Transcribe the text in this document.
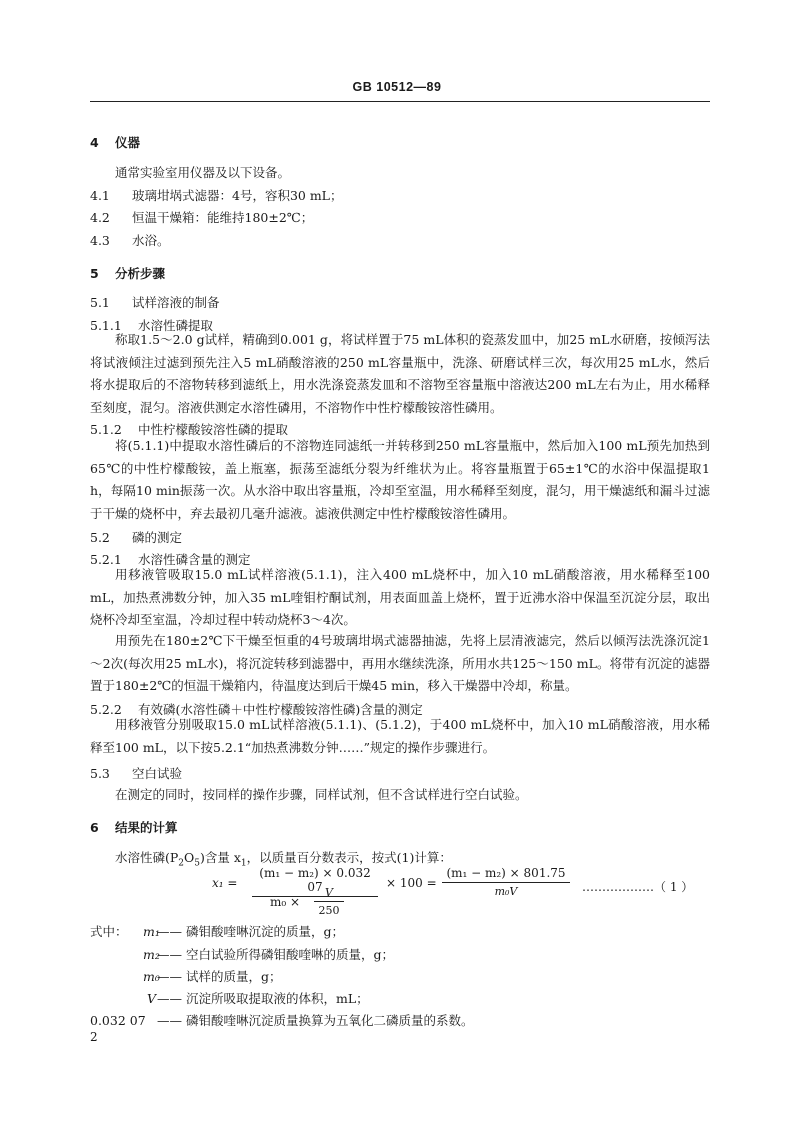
GB 10512—89
4 仪器
通常实验室用仪器及以下设备。
4.1 玻璃坩埚式滤器：4号，容积30 mL；
4.2 恒温干燥箱：能维持180±2℃；
4.3 水浴。
5 分析步骤
5.1 试样溶液的制备
5.1.1 水溶性磷提取
称取1.5～2.0 g试样，精确到0.001 g，将试样置于75 mL体积的瓷蒸发皿中，加25 mL水研磨，按倾泻法将试液倾注过滤到预先注入5 mL硝酸溶液的250 mL容量瓶中，洗涤、研磨试样三次，每次用25 mL水，然后将水提取后的不溶物转移到滤纸上，用水洗涤瓷蒸发皿和不溶物至容量瓶中溶液达200 mL左右为止，用水稀释至刻度，混匀。溶液供测定水溶性磷用，不溶物作中性柠檬酸铵溶性磷用。
5.1.2 中性柠檬酸铵溶性磷的提取
将(5.1.1)中提取水溶性磷后的不溶物连同滤纸一并转移到250 mL容量瓶中，然后加入100 mL预先加热到65℃的中性柠檬酸铵，盖上瓶塞，振荡至滤纸分裂为纤维状为止。将容量瓶置于65±1℃的水浴中保温提取1 h，每隔10 min振荡一次。从水浴中取出容量瓶，冷却至室温，用水稀释至刻度，混匀，用干燥滤纸和漏斗过滤于干燥的烧杯中，弃去最初几毫升滤液。滤液供测定中性柠檬酸铵溶性磷用。
5.2 磷的测定
5.2.1 水溶性磷含量的测定
用移液管吸取15.0 mL试样溶液(5.1.1)，注入400 mL烧杯中，加入10 mL硝酸溶液，用水稀释至100 mL，加热煮沸数分钟，加入35 mL喹钼柠酮试剂，用表面皿盖上烧杯，置于近沸水浴中保温至沉淀分层，取出烧杯冷却至室温，冷却过程中转动烧杯3～4次。
用预先在180±2℃下干燥至恒重的4号玻璃坩埚式滤器抽滤，先将上层清液滤完，然后以倾泻法洗涤沉淀1～2次(每次用25 mL水)，将沉淀转移到滤器中，再用水继续洗涤，所用水共125～150 mL。将带有沉淀的滤器置于180±2℃的恒温干燥箱内，待温度达到后干燥45 min，移入干燥器中冷却，称量。
5.2.2 有效磷(水溶性磷＋中性柠檬酸铵溶性磷)含量的测定
用移液管分别吸取15.0 mL试样溶液(5.1.1)、(5.1.2)，于400 mL烧杯中，加入10 mL硝酸溶液，用水稀释至100 mL，以下按5.2.1“加热煮沸数分钟……”规定的操作步骤进行。
5.3 空白试验
在测定的同时，按同样的操作步骤，同样试剂，但不含试样进行空白试验。
6 结果的计算
水溶性磷$(P_2O_5)$含量 $x_1$，以质量百分数表示，按式(1)计算：
x₁ =
(m₁ − m₂) × 0.032 07
$m_0 \times \frac{V}{250}$
× $100 = \frac{\text{(m₁ − m₂) × 801.75}}{\text{m₀V}}$ ………………（ 1 ）
式中： m₁—— 磷钼酸喹啉沉淀的质量，g；
m₂—— 空白试验所得磷钼酸喹啉的质量，g；
m₀—— 试样的质量，g；
V—— 沉淀所吸取提取液的体积，mL；
0.032 07 —— 磷钼酸喹啉沉淀质量换算为五氧化二磷质量的系数。
2
